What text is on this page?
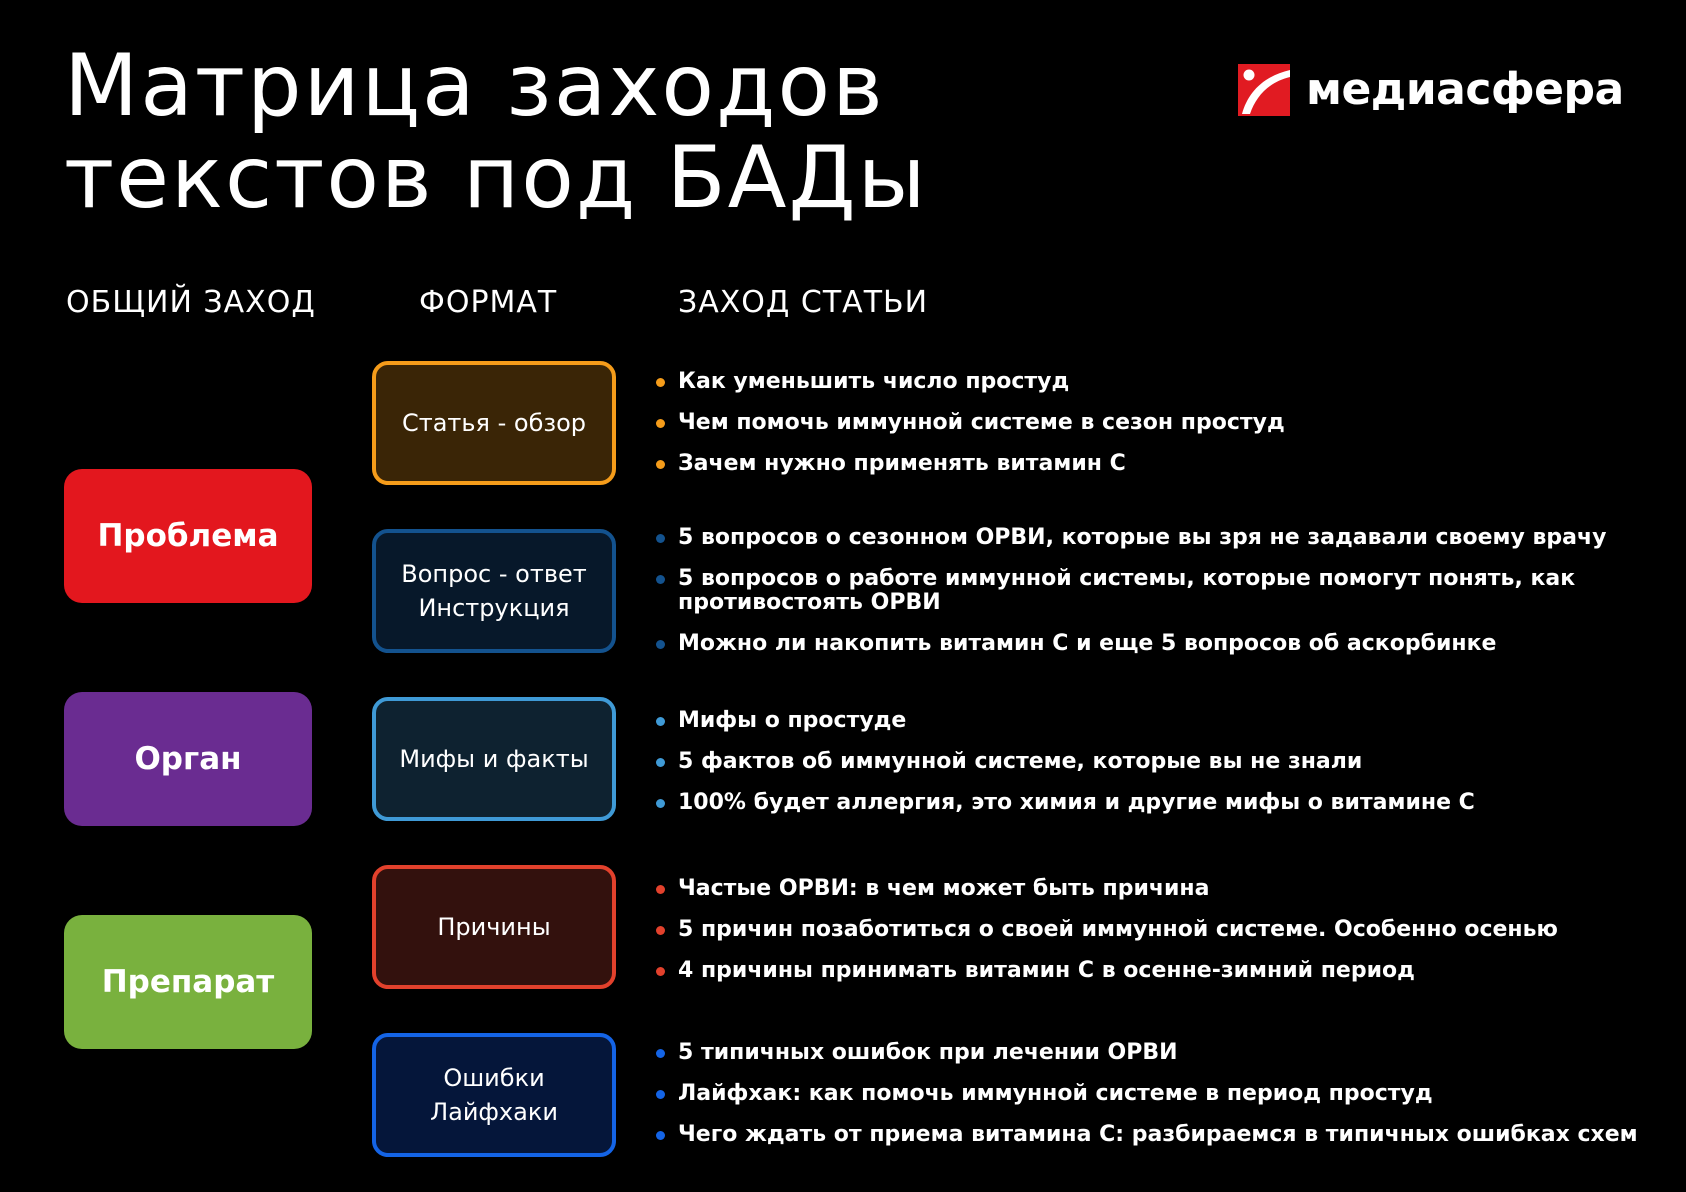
Матрица заходов
текстов под БАДы
медиасфера
ОБЩИЙ ЗАХОД	ФОРМАТ	ЗАХОД СТАТЬИ
Проблема
Орган
Препарат
Статья - обзор
Вопрос - ответ
Инструкция
Мифы и факты
Причины
Ошибки
Лайфхаки
Как уменьшить число простуд
Чем помочь иммунной системе в сезон простуд
Зачем нужно применять витамин С
5 вопросов о сезонном ОРВИ, которые вы зря не задавали своему врачу
5 вопросов о работе иммунной системы, которые помогут понять, как противостоять ОРВИ
Можно ли накопить витамин С и еще 5 вопросов об аскорбинке
Мифы о простуде
5 фактов об иммунной системе, которые вы не знали
100% будет аллергия, это химия и другие мифы о витамине С
Частые ОРВИ: в чем может быть причина
5 причин позаботиться о своей иммунной системе. Особенно осенью
4 причины принимать витамин С в осенне-зимний период
5 типичных ошибок при лечении ОРВИ
Лайфхак: как помочь иммунной системе в период простуд
Чего ждать от приема витамина С: разбираемся в типичных ошибках схем
